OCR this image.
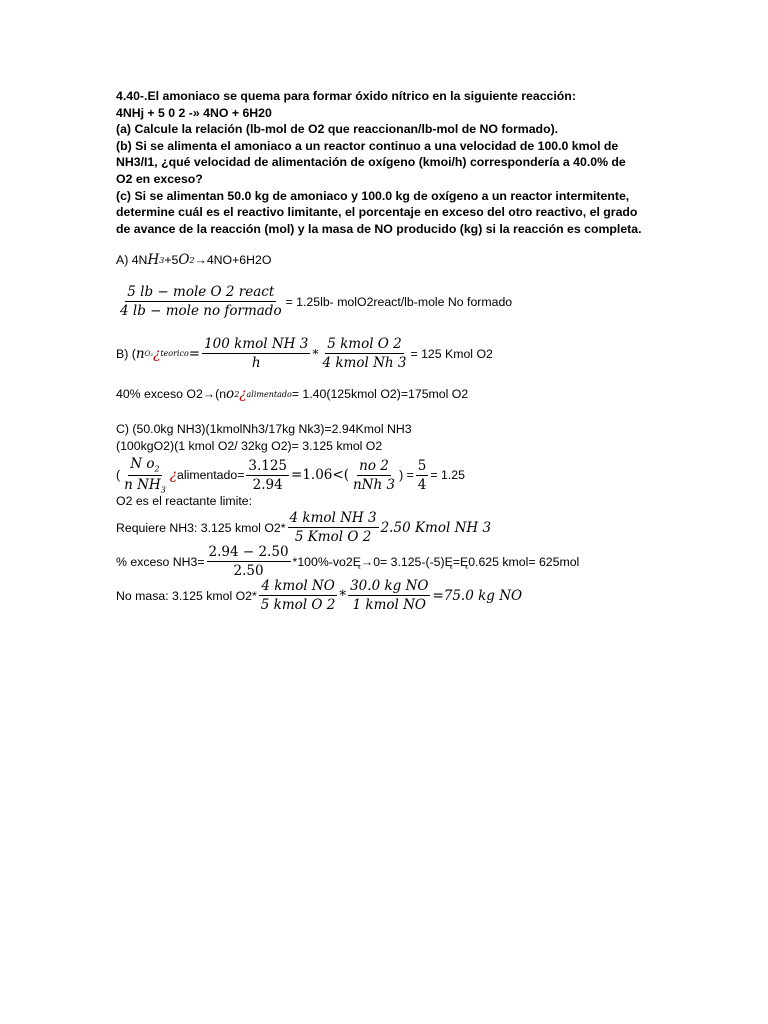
4.40-.El amoniaco se quema para formar óxido nítrico en la siguiente reacción:
4NHj + 5 0 2 -» 4NO + 6H20
(a) Calcule la relación (lb-mol de O2 que reaccionan/lb-mol de NO formado).
(b) Si se alimenta el amoniaco a un reactor continuo a una velocidad de 100.0 kmol de
NH3/I1, ¿qué velocidad de alimentación de oxígeno (kmoi/h) correspondería a 40.0% de
O2 en exceso?
(c) Si se alimentan 50.0 kg de amoniaco y 100.0 kg de oxígeno a un reactor intermitente,
determine cuál es el reactivo limitante, el porcentaje en exceso del otro reactivo, el grado
de avance de la reacción (mol) y la masa de NO producido (kg) si la reacción es completa.
A) 4N H 3 +5 O 2 →4NO+6H2O
$\frac{\text{5 lb − mole O 2 react}}{\text{4 lb − mole no formado}} = 1.25lb-$ molO2react/lb-mole No formado
B) ( n O₂ ¿ teorico = $\frac{\text{100 kmol NH 3}}{h} * \frac{\text{5 kmol O 2}}{\text{4 kmol Nh 3}} = 125$ Kmol O2
40% exceso O2→(n o 2 ¿ alimentado = 1.40(125kmol O2)=175mol O2
C) (50.0kg NH3)(1kmolNh3/17kg Nk3)=2.94Kmol NH3
(100kgO2)(1 kmol O2/ 32kg O2)= 3.125 kmol O2
( $\frac{N o_2}{n NH_3}$ ¿ alimentado= $\frac{3.125}{2.94} =1.06<( \frac{no 2}{\text{nNh 3}}$ ) = $\frac{5}{4} = 1.25$
O2 es el reactante limite:
Requiere NH3: 3.125 kmol $O2* \frac{\text{4 kmol NH 3}}{\text{5 Kmol O 2}} 2.50$ Kmol NH 3
% exceso $NH3= \frac{2.94 - 2.50}{2.50}$ *100%-vo2Ę→0= 3.125-(-5)Ę=Ę0.625 kmol= 625mol
No masa: 3.125 kmol $O2* \frac{\text{4 kmol NO}}{\text{5 kmol O 2}} * \frac{\text{30.0 kg NO}}{\text{1 kmol NO}} =75.0$ kg NO
